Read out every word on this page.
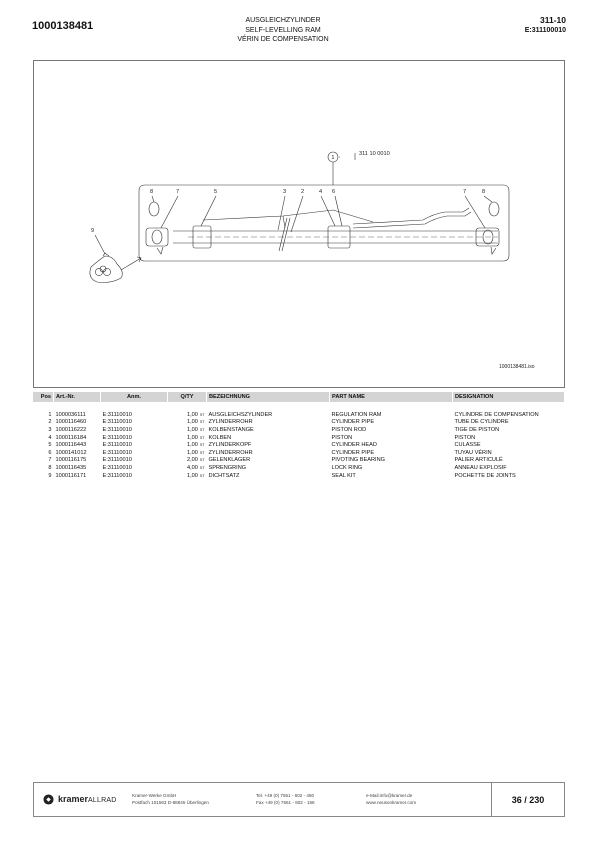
1000138481	AUSGLEICHZYLINDER
SELF-LEVELLING RAM
VÉRIN DE COMPENSATION
311-10
E:311100010
1
311 10 0010
2
3	4
5	6
7	7
8	8
9
1000138481.iso
Pos	Art.-Nr.	Anm.	Q/TY	BEZEICHNUNG	PART NAME	DESIGNATION

1	1000036111	E:31110010	1,00 ST	AUSGLEICHSZYLINDER	REGULATION RAM	CYLINDRE DE COMPENSATION
2	1000116460	E:31110010	1,00 ST	ZYLINDERROHR	CYLINDER PIPE	TUBE DE CYLINDRE
3	1000116222	E:31110010	1,00 ST	KOLBENSTANGE	PISTON ROD	TIGE DE PISTON
4	1000116184	E:31110010	1,00 ST	KOLBEN	PISTON	PISTON
5	1000116443	E:31110010	1,00 ST	ZYLINDERKOPF	CYLINDER HEAD	CULASSE
6	1000141012	E:31110010	1,00 ST	ZYLINDERROHR	CYLINDER PIPE	TUYAU VÉRIN
7	1000116175	E:31110010	2,00 ST	GELENKLAGER	PIVOTING BEARING	PALIER ARTICULÉ
8	1000116435	E:31110010	4,00 ST	SPRENGRING	LOCK RING	ANNEAU EXPLOSIF
9	1000116171	E:31110010	1,00 ST	DICHTSATZ	SEAL KIT	POCHETTE DE JOINTS
kramerALLRAD
Kramer-Werke GmbH
Postfach 101563 D-88645 Überlingen
Tel. +49 (0) 7551 - 602 - 450
Fax +49 (0) 7551 - 602 - 156
e-Mail:info@kramer.de
www.neusonkramer.com	36 / 230
